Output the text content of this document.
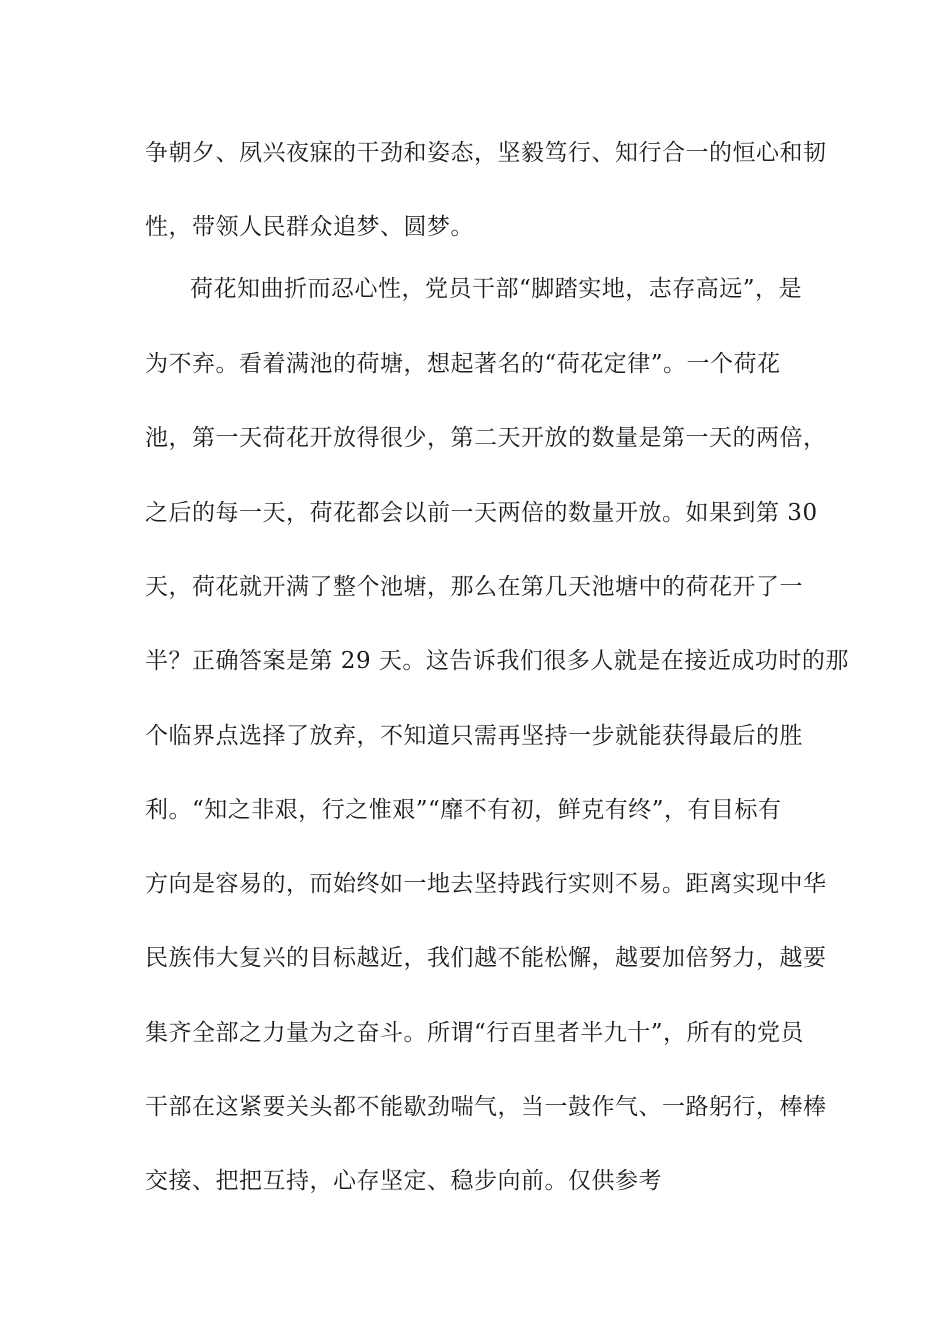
争朝夕、夙兴夜寐的干劲和姿态，坚毅笃行、知行合一的恒心和韧
性，带领人民群众追梦、圆梦。
荷花知曲折而忍心性，党员干部“脚踏实地，志存高远”，是
为不弃。看着满池的荷塘，想起著名的“荷花定律”。一个荷花
池，第一天荷花开放得很少，第二天开放的数量是第一天的两倍，
之后的每一天，荷花都会以前一天两倍的数量开放。如果到第 30
天，荷花就开满了整个池塘，那么在第几天池塘中的荷花开了一
半？正确答案是第 29 天。这告诉我们很多人就是在接近成功时的那
个临界点选择了放弃，不知道只需再坚持一步就能获得最后的胜
利。“知之非艰，行之惟艰”“靡不有初，鲜克有终”，有目标有
方向是容易的，而始终如一地去坚持践行实则不易。距离实现中华
民族伟大复兴的目标越近，我们越不能松懈，越要加倍努力，越要
集齐全部之力量为之奋斗。所谓“行百里者半九十”，所有的党员
干部在这紧要关头都不能歇劲喘气，当一鼓作气、一路躬行，棒棒
交接、把把互持，心存坚定、稳步向前。仅供参考
